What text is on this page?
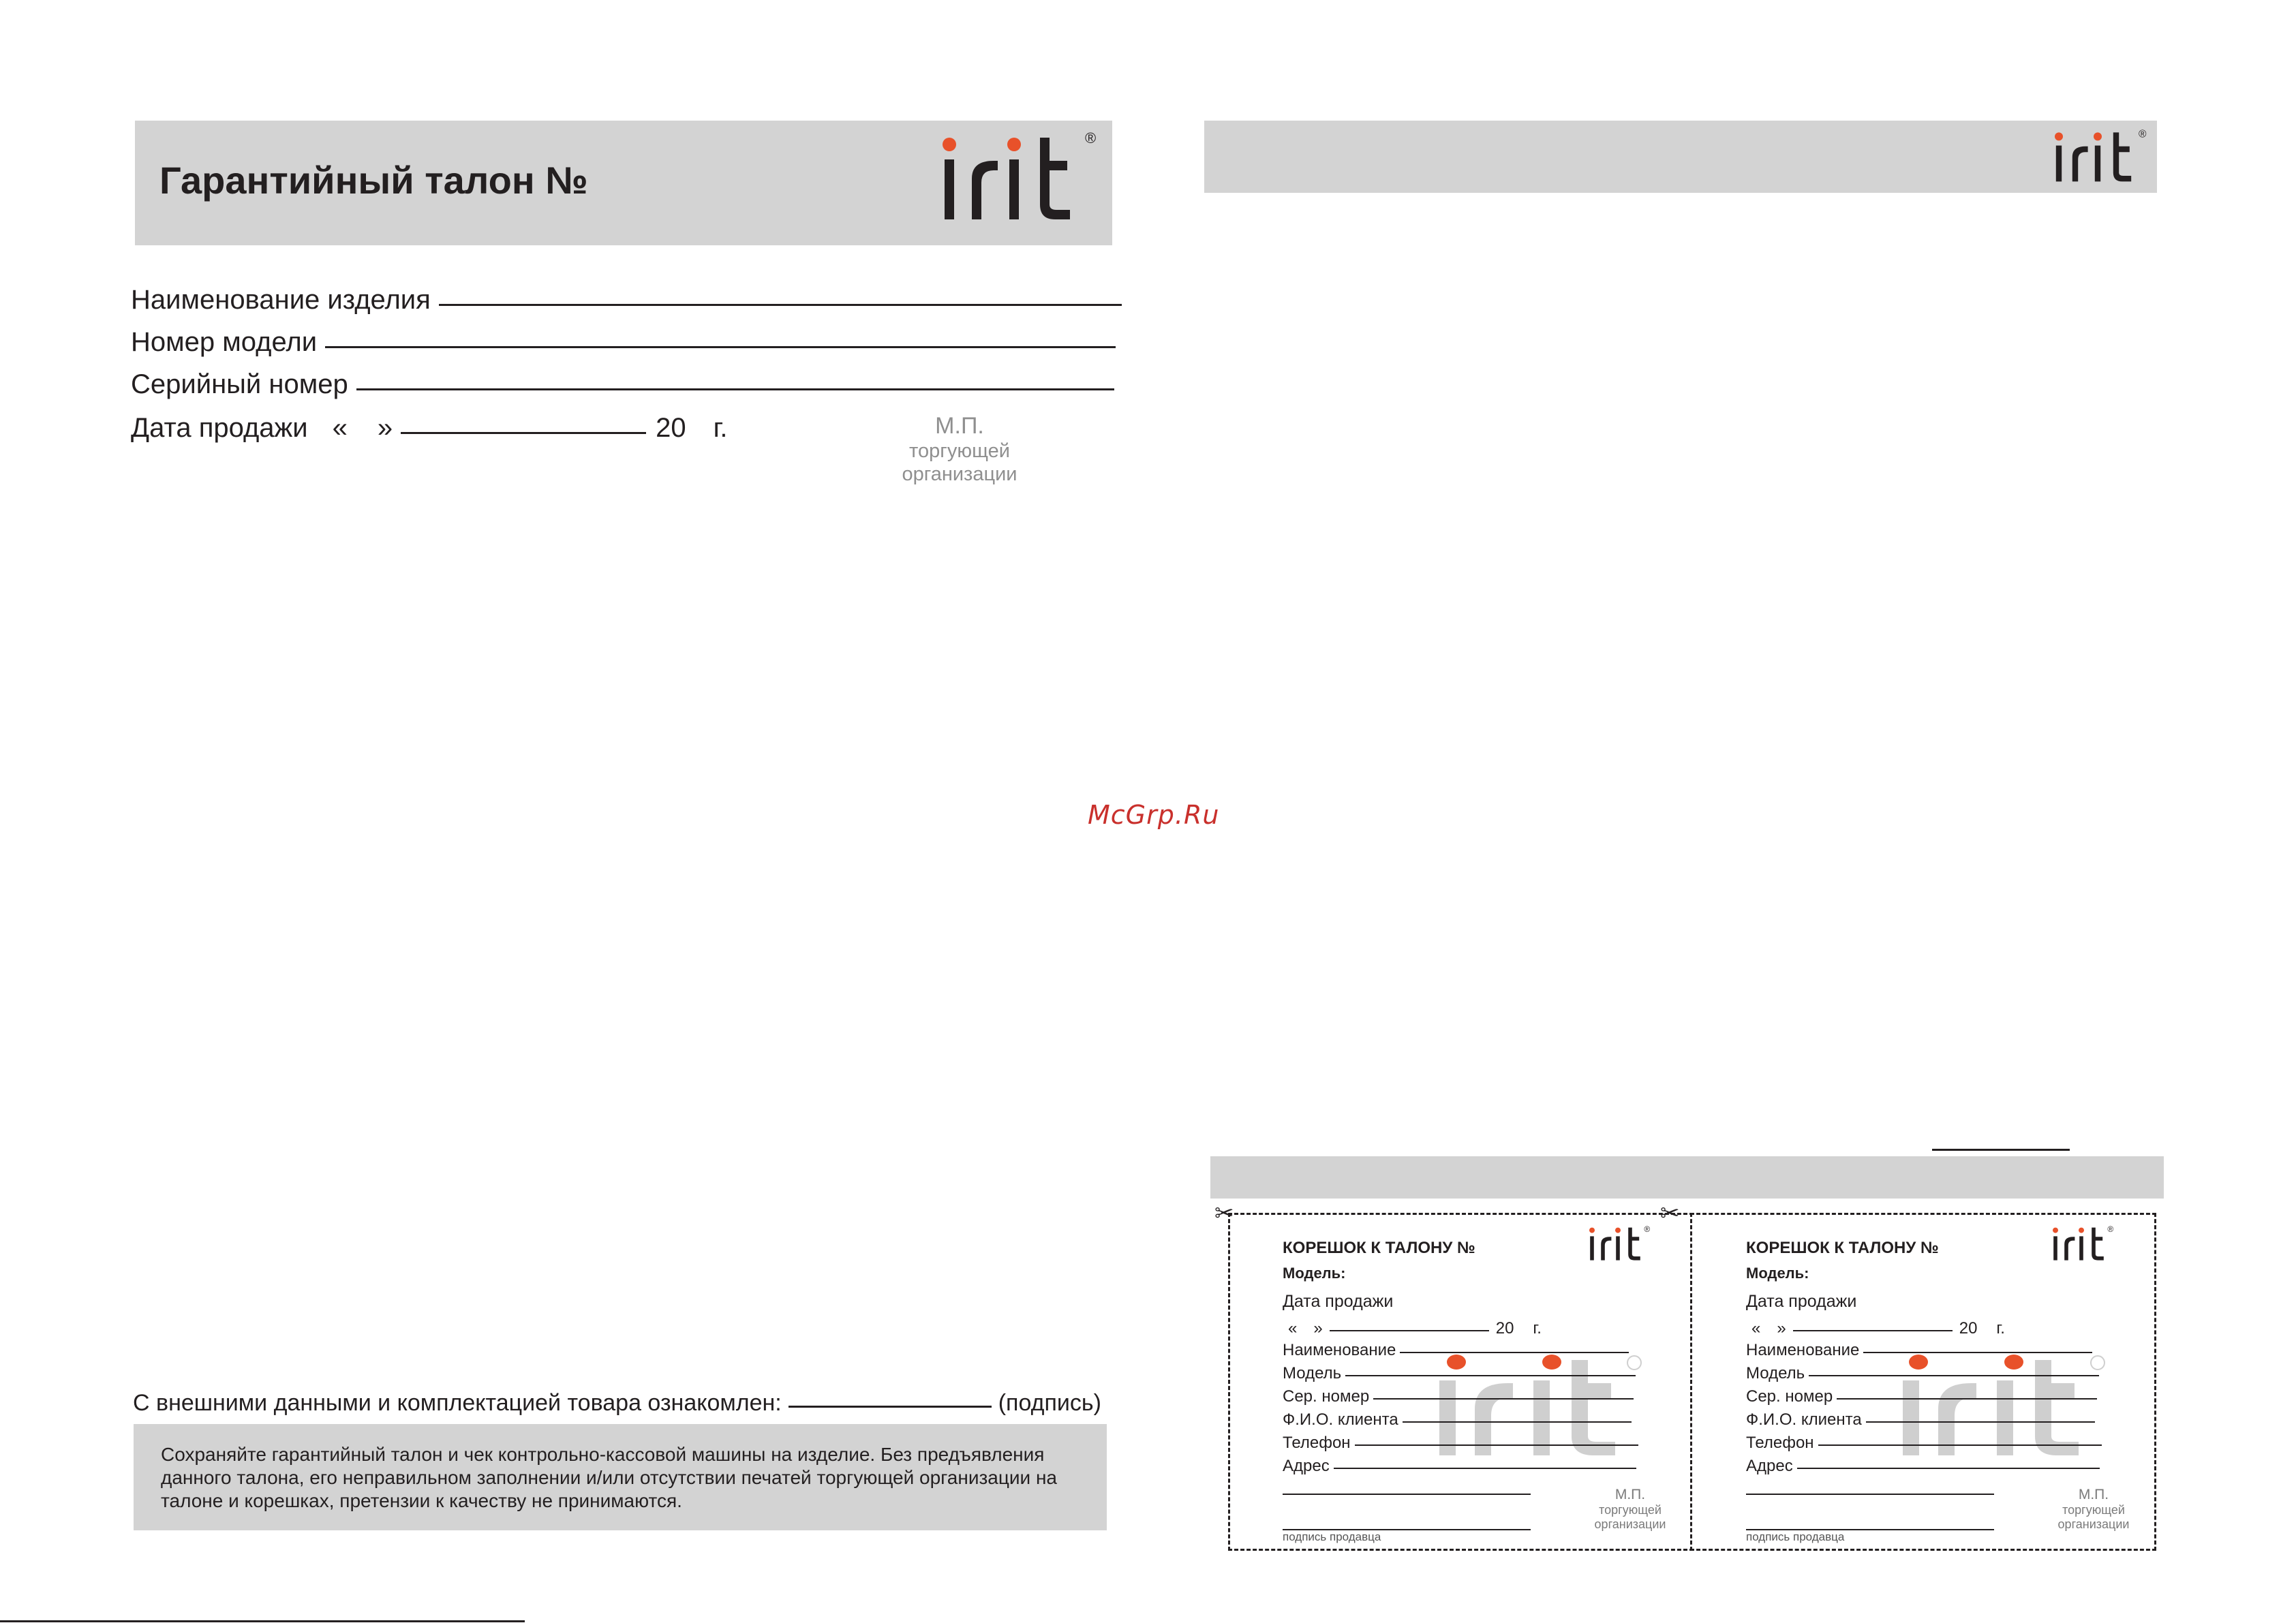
Гарантийный талон №
®
Наименование изделия
Номер модели
Серийный номер
Дата продажи « »	20 г.	М.П.
торгующей
организации
McGrp.Ru
С внешними данными и комплектацией товара ознакомлен:	(подпись)
Сохраняйте гарантийный талон и чек контрольно-кассовой машины на изделие. Без предъявления данного талона, его неправильном заполнении и/или отсутствии печатей торгующей организации на талоне и корешках, претензии к качеству не принимаются.
®
✂	✂
КОРЕШОК К ТАЛОНУ №
®
Модель:
Дата продажи
« »	20 г.
Наименование
Модель
Сер. номер
Ф.И.О. клиента
Телефон
Адрес
подпись продавца
М.П.
торгующей
организации
КОРЕШОК К ТАЛОНУ №
®
Модель:
Дата продажи
« »	20 г.
Наименование
Модель
Сер. номер
Ф.И.О. клиента
Телефон
Адрес
подпись продавца
М.П.
торгующей
организации
